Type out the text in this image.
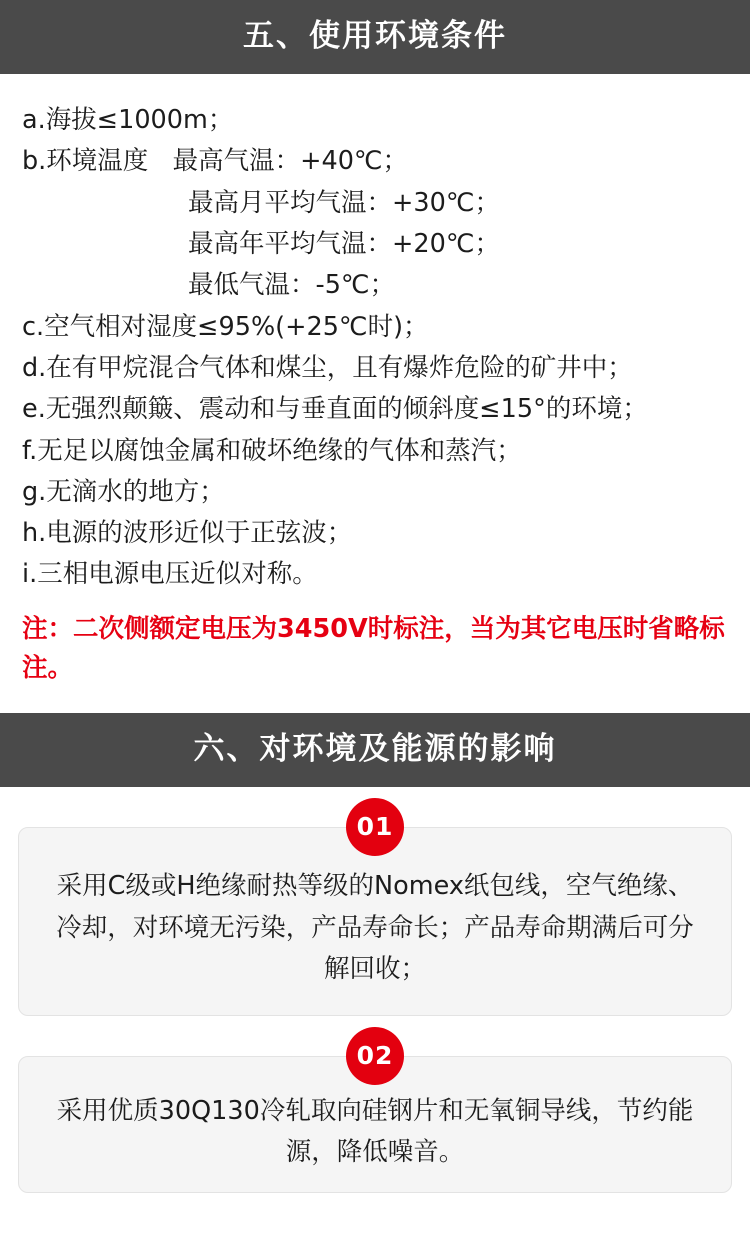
五、使用环境条件
a.海拔≤1000m；
b.环境温度   最高气温：+40℃；
最高月平均气温：+30℃；
最高年平均气温：+20℃；
最低气温：-5℃；
c.空气相对湿度≤95%(+25℃时)；
d.在有甲烷混合气体和煤尘，且有爆炸危险的矿井中；
e.无强烈颠簸、震动和与垂直面的倾斜度≤15°的环境；
f.无足以腐蚀金属和破坏绝缘的气体和蒸汽；
g.无滴水的地方；
h.电源的波形近似于正弦波；
i.三相电源电压近似对称。
注：二次侧额定电压为3450V时标注，当为其它电压时省略标注。
六、对环境及能源的影响
01
采用C级或H绝缘耐热等级的Nomex纸包线，空气绝缘、冷却，对环境无污染，产品寿命长；产品寿命期满后可分解回收；
02
采用优质30Q130冷轧取向硅钢片和无氧铜导线，节约能源，降低噪音。
